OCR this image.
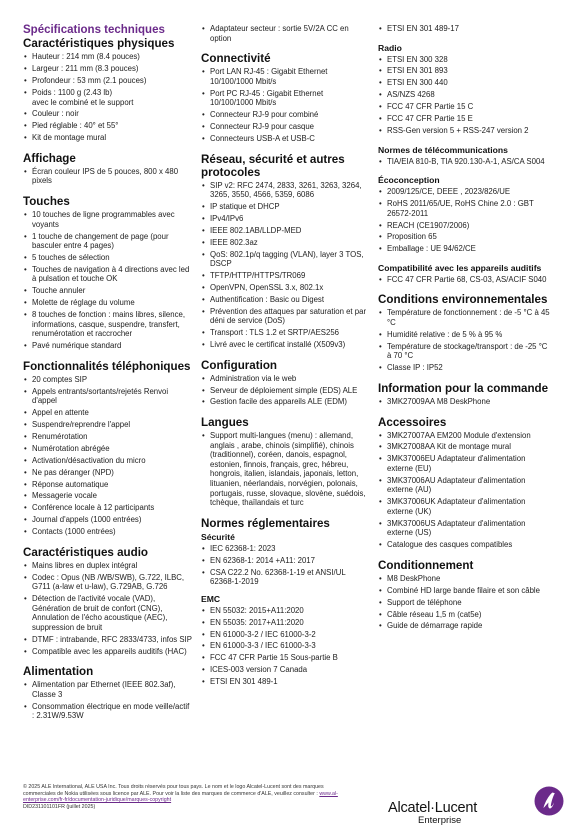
Spécifications techniques
Caractéristiques physiques
• Hauteur : 214 mm (8.4 pouces)
• Largeur : 211 mm (8.3 pouces)
• Profondeur : 53 mm (2.1 pouces)
• Poids : 1100 g (2.43 lb)
avec le combiné et le support
• Couleur : noir
• Pied réglable : 40° et 55°
• Kit de montage mural
Affichage
• Écran couleur IPS de 5 pouces, 800 x 480 pixels
Touches
• 10 touches de ligne programmables avec voyants
• 1 touche de changement de page (pour basculer entre 4 pages)
• 5 touches de sélection
• Touches de navigation à 4 directions avec led à pulsation et touche OK
• Touche annuler
• Molette de réglage du volume
• 8 touches de fonction : mains libres, silence, informations, casque, suspendre, transfert, renumérotation et raccrocher
• Pavé numérique standard
Fonctionnalités téléphoniques
• 20 comptes SIP
• Appels entrants/sortants/rejetés Renvoi d'appel
• Appel en attente
• Suspendre/reprendre l'appel
• Renumérotation
• Numérotation abrégée
• Activation/désactivation du micro
• Ne pas déranger (NPD)
• Réponse automatique
• Messagerie vocale
• Conférence locale à 12 participants
• Journal d'appels (1000 entrées)
• Contacts (1000 entrées)
Caractéristiques audio
• Mains libres en duplex intégral
• Codec : Opus (NB /WB/SWB), G.722, ILBC, G711 (a-law et u-law), G.729AB, G.726
• Détection de l'activité vocale (VAD), Génération de bruit de confort (CNG), Annulation de l'écho acoustique (AEC), suppression de bruit
• DTMF : intrabande, RFC 2833/4733, infos SIP
• Compatible avec les appareils auditifs (HAC)
Alimentation
• Alimentation par Ethernet (IEEE 802.3af), Classe 3
• Consommation électrique en mode veille/actif : 2.31W/9.53W
• Adaptateur secteur : sortie 5V/2A CC en option
Connectivité
• Port LAN RJ-45 : Gigabit Ethernet 10/100/1000 Mbit/s
• Port PC RJ-45 : Gigabit Ethernet 10/100/1000 Mbit/s
• Connecteur RJ-9 pour combiné
• Connecteur RJ-9 pour casque
• Connecteurs USB-A et USB-C
Réseau, sécurité et autres protocoles
• SIP v2: RFC 2474, 2833, 3261, 3263, 3264, 3265, 3550, 4566, 5359, 6086
• IP statique et DHCP
• IPv4/IPv6
• IEEE 802.1AB/LLDP-MED
• IEEE 802.3az
• QoS: 802.1p/q tagging (VLAN), layer 3 TOS, DSCP
• TFTP/HTTP/HTTPS/TR069
• OpenVPN, OpenSSL 3.x, 802.1x
• Authentification : Basic ou Digest
• Prévention des attaques par saturation et par déni de service (DoS)
• Transport : TLS 1.2 et SRTP/AES256
• Livré avec le certificat installé (X509v3)
Configuration
• Administration via le web
• Serveur de déploiement simple (EDS) ALE
• Gestion facile des appareils ALE (EDM)
Langues
• Support multi-langues (menu) : allemand, anglais , arabe, chinois (simplifié), chinois (traditionnel), coréen, danois, espagnol, estonien, finnois, français, grec, hébreu, hongrois, italien, islandais, japonais, letton, lituanien, néerlandais, norvégien, polonais, portugais, russe, slovaque, slovène, suédois, tchèque, thaïlandais et turc
Normes réglementaires
Sécurité
• IEC 62368-1: 2023
• EN 62368-1: 2014 +A11: 2017
• CSA C22.2 No. 62368-1-19 et ANSI/UL 62368-1-2019
EMC
• EN 55032: 2015+A11:2020
• EN 55035: 2017+A11:2020
• EN 61000-3-2 / IEC 61000-3-2
• EN 61000-3-3 / IEC 61000-3-3
• FCC 47 CFR Partie 15 Sous-partie B
• ICES-003 version 7 Canada
• ETSI EN 301 489-1
• ETSI EN 301 489-17
Radio
• ETSI EN 300 328
• ETSI EN 301 893
• ETSI EN 300 440
• AS/NZS 4268
• FCC 47 CFR Partie 15 C
• FCC 47 CFR Partie 15 E
• RSS-Gen version 5 + RSS-247 version 2
Normes de télécommunications
• TIA/EIA 810-B, TIA 920.130-A-1, AS/CA S004
Écoconception
• 2009/125/CE, DEEE , 2023/826/UE
• RoHS 2011/65/UE, RoHS Chine 2.0 : GBT 26572-2011
• REACH (CE1907/2006)
• Proposition 65
• Emballage : UE 94/62/CE
Compatibilité avec les appareils auditifs
• FCC 47 CFR Partie 68, CS-03, AS/ACIF S040
Conditions environnementales
• Température de fonctionnement : de -5 °C à 45 °C
• Humidité relative : de 5 % à 95 %
• Température de stockage/transport : de -25 °C à 70 °C
• Classe IP : IP52
Information pour la commande
• 3MK27009AA M8 DeskPhone
Accessoires
• 3MK27007AA EM200 Module d'extension
• 3MK27008AA Kit de montage mural
• 3MK37006EU Adaptateur d'alimentation externe (EU)
• 3MK37006AU Adaptateur d'alimentation externe (AU)
• 3MK37006UK Adaptateur d'alimentation externe (UK)
• 3MK37006US Adaptateur d'alimentation externe (US)
• Catalogue des casques compatibles
Conditionnement
• M8 DeskPhone
• Combiné HD large bande filaire et son câble
• Support de téléphone
• Câble réseau 1,5 m (cat5e)
• Guide de démarrage rapide
© 2025 ALE International, ALE USA Inc. Tous droits réservés pour tous pays. Le nom et le logo Alcatel-Lucent sont des marques commerciales de Nokia utilisées sous licence par ALE. Pour voir la liste des marques de commerce d'ALE, veuillez consulter : www.al-enterprise.com/fr-fr/documentation-juridique/marques-copyright
DID231101101FR (juillet 2025)	Alcatel·Lucent
Enterprise
